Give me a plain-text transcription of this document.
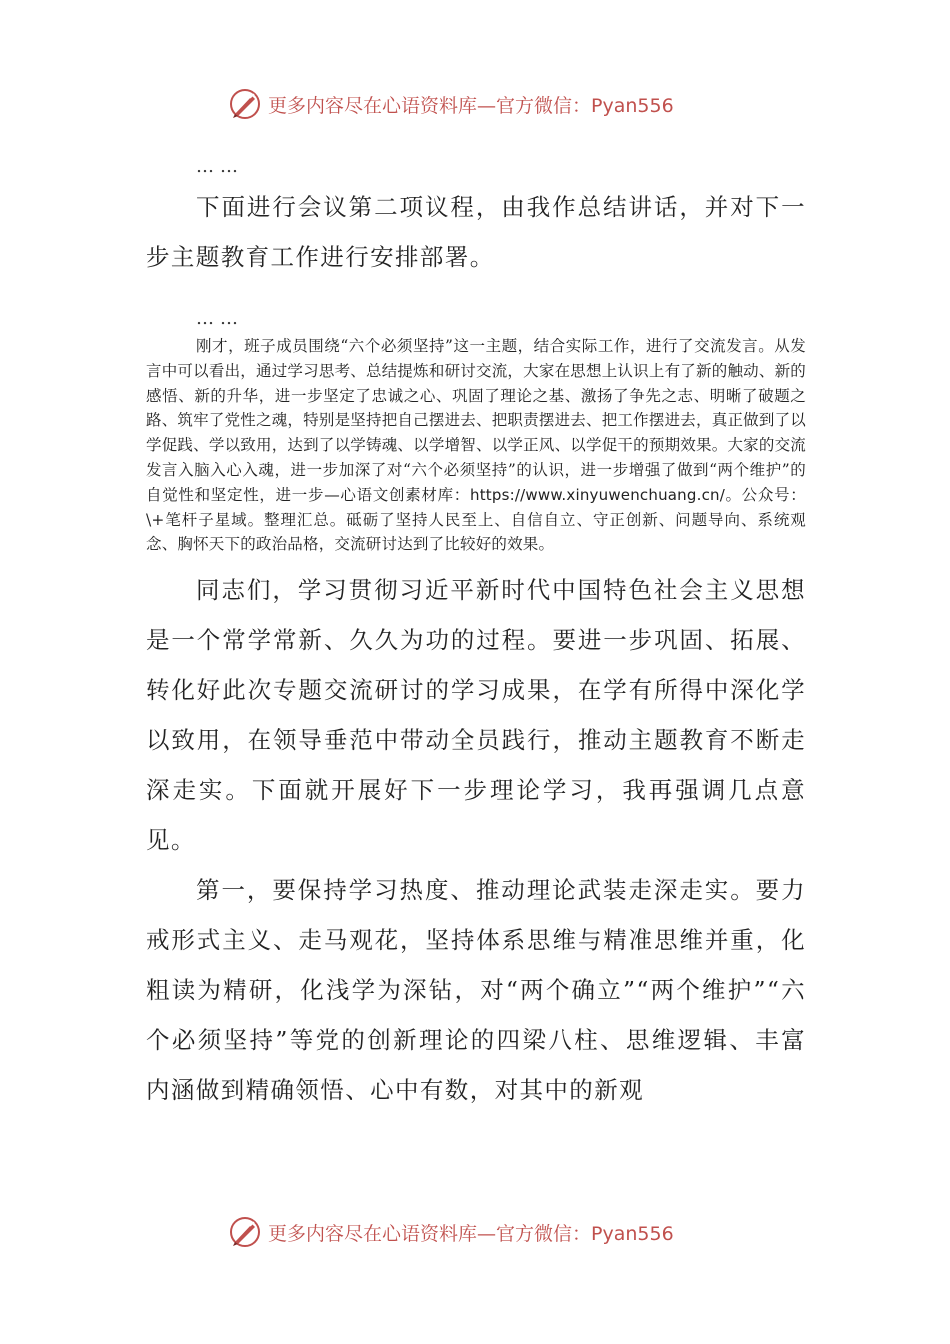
更多内容尽在心语资料库—官方微信：Pyan556
……

下面进行会议第二项议程，由我作总结讲话，并对下一步主题教育工作进行安排部署。

……

刚才，班子成员围绕“六个必须坚持”这一主题，结合实际工作，进行了交流发言。从发言中可以看出，通过学习思考、总结提炼和研讨交流，大家在思想上认识上有了新的触动、新的感悟、新的升华，进一步坚定了忠诚之心、巩固了理论之基、激扬了争先之志、明晰了破题之路、筑牢了党性之魂，特别是坚持把自己摆进去、把职责摆进去、把工作摆进去，真正做到了以学促践、学以致用，达到了以学铸魂、以学增智、以学正风、以学促干的预期效果。大家的交流发言入脑入心入魂，进一步加深了对“六个必须坚持”的认识，进一步增强了做到“两个维护”的自觉性和坚定性，进一步—心语文创素材库：https://www.xinyuwenchuang.cn/。公众号：\+笔杆子星域。整理汇总。砥砺了坚持人民至上、自信自立、守正创新、问题导向、系统观念、胸怀天下的政治品格，交流研讨达到了比较好的效果。

同志们，学习贯彻习近平新时代中国特色社会主义思想是一个常学常新、久久为功的过程。要进一步巩固、拓展、转化好此次专题交流研讨的学习成果，在学有所得中深化学以致用，在领导垂范中带动全员践行，推动主题教育不断走深走实。下面就开展好下一步理论学习，我再强调几点意见。

第一，要保持学习热度、推动理论武装走深走实。要力戒形式主义、走马观花，坚持体系思维与精准思维并重，化粗读为精研，化浅学为深钻，对“两个确立”“两个维护”“六个必须坚持”等党的创新理论的四梁八柱、思维逻辑、丰富内涵做到精确领悟、心中有数，对其中的新观

更多内容尽在心语资料库—官方微信：Pyan556
